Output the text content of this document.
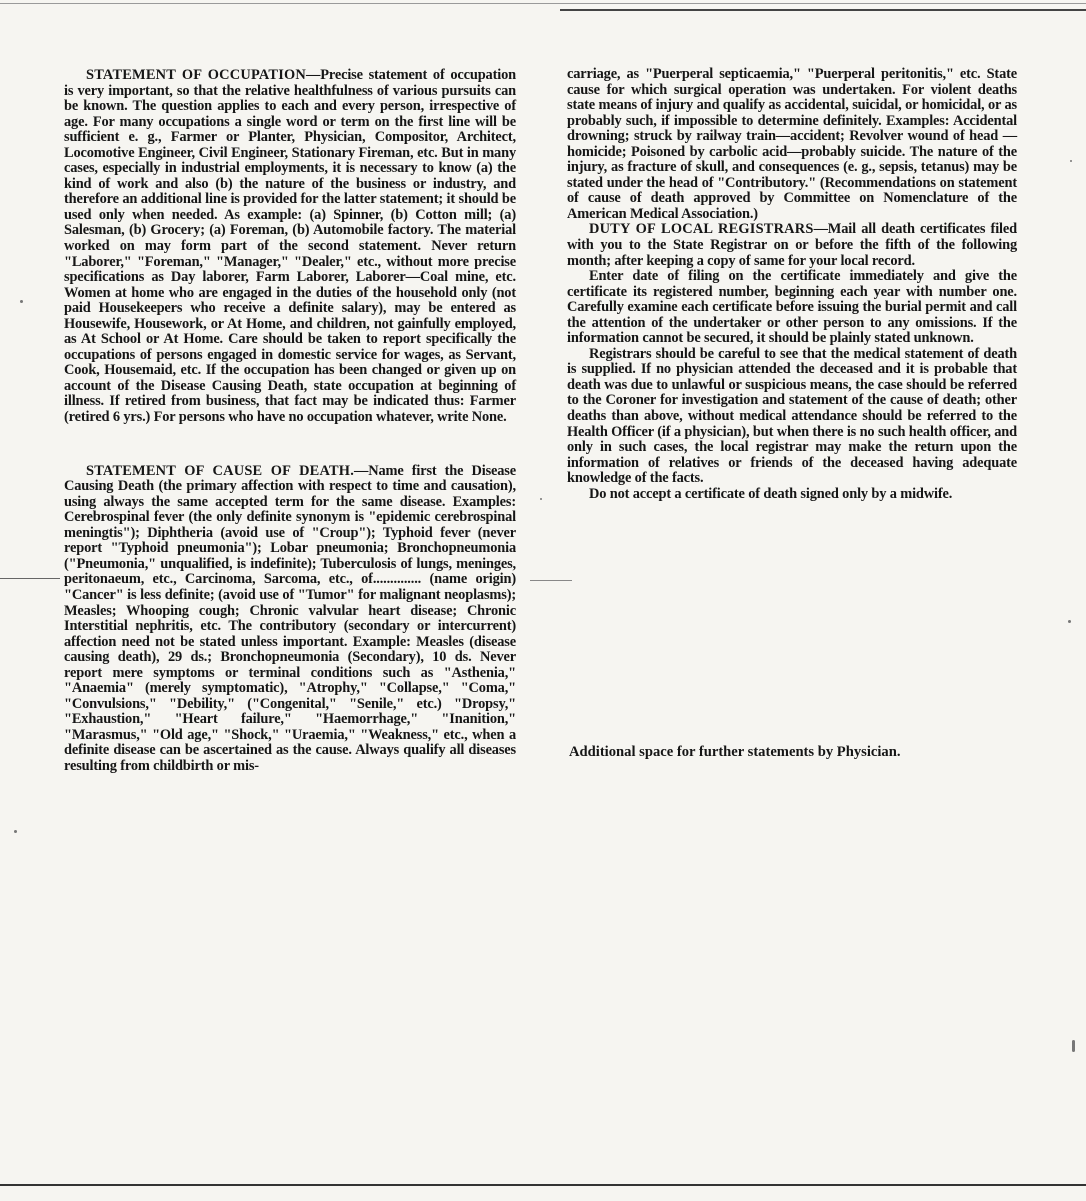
STATEMENT OF OCCUPATION—Precise statement of occupation is very important, so that the relative healthfulness of various pursuits can be known. The question applies to each and every person, irrespective of age. For many occupations a single word or term on the first line will be sufficient e. g., Farmer or Planter, Physician, Compositor, Architect, Locomotive Engineer, Civil Engineer, Stationary Fireman, etc. But in many cases, especially in industrial employments, it is necessary to know (a) the kind of work and also (b) the nature of the business or industry, and therefore an additional line is provided for the latter statement; it should be used only when needed. As example: (a) Spinner, (b) Cotton mill; (a) Salesman, (b) Grocery; (a) Foreman, (b) Automobile factory. The material worked on may form part of the second statement. Never return "Laborer," "Foreman," "Manager," "Dealer," etc., without more precise specifications as Day laborer, Farm Laborer, Laborer—Coal mine, etc. Women at home who are engaged in the duties of the household only (not paid Housekeepers who receive a definite salary), may be entered as Housewife, Housework, or At Home, and children, not gainfully employed, as At School or At Home. Care should be taken to report specifically the occupations of persons engaged in domestic service for wages, as Servant, Cook, Housemaid, etc. If the occupation has been changed or given up on account of the Disease Causing Death, state occupation at beginning of illness. If retired from business, that fact may be indicated thus: Farmer (retired 6 yrs.) For persons who have no occupation whatever, write None.

STATEMENT OF CAUSE OF DEATH.—Name first the Disease Causing Death (the primary affection with respect to time and causation), using always the same accepted term for the same disease. Examples: Cerebrospinal fever (the only definite synonym is "epidemic cerebrospinal meningtis"); Diphtheria (avoid use of "Croup"); Typhoid fever (never report "Typhoid pneumonia"); Lobar pneumonia; Bronchopneumonia ("Pneumonia," unqualified, is indefinite); Tuberculosis of lungs, meninges, peritonaeum, etc., Carcinoma, Sarcoma, etc., of.............. (name origin) "Cancer" is less definite; (avoid use of "Tumor" for malignant neoplasms); Measles; Whooping cough; Chronic valvular heart disease; Chronic Interstitial nephritis, etc. The contributory (secondary or intercurrent) affection need not be stated unless important. Example: Measles (disease causing death), 29 ds.; Bronchopneumonia (Secondary), 10 ds. Never report mere symptoms or terminal conditions such as "Asthenia," "Anaemia" (merely symptomatic), "Atrophy," "Collapse," "Coma," "Convulsions," "Debility," ("Congenital," "Senile," etc.) "Dropsy," "Exhaustion," "Heart failure," "Haemorrhage," "Inanition," "Marasmus," "Old age," "Shock," "Uraemia," "Weakness," etc., when a definite disease can be ascertained as the cause. Always qualify all diseases resulting from childbirth or mis-

carriage, as "Puerperal septicaemia," "Puerperal peritonitis," etc. State cause for which surgical operation was undertaken. For violent deaths state means of injury and qualify as accidental, suicidal, or homicidal, or as probably such, if impossible to determine definitely. Examples: Accidental drowning; struck by railway train—accident; Revolver wound of head —homicide; Poisoned by carbolic acid—probably suicide. The nature of the injury, as fracture of skull, and consequences (e. g., sepsis, tetanus) may be stated under the head of "Contributory." (Recommendations on statement of cause of death approved by Committee on Nomenclature of the American Medical Association.)

DUTY OF LOCAL REGISTRARS—Mail all death certificates filed with you to the State Registrar on or before the fifth of the following month; after keeping a copy of same for your local record.

Enter date of filing on the certificate immediately and give the certificate its registered number, beginning each year with number one. Carefully examine each certificate before issuing the burial permit and call the attention of the undertaker or other person to any omissions. If the information cannot be secured, it should be plainly stated unknown.

Registrars should be careful to see that the medical statement of death is supplied. If no physician attended the deceased and it is probable that death was due to unlawful or suspicious means, the case should be referred to the Coroner for investigation and statement of the cause of death; other deaths than above, without medical attendance should be referred to the Health Officer (if a physician), but when there is no such health officer, and only in such cases, the local registrar may make the return upon the information of relatives or friends of the deceased having adequate knowledge of the facts.

Do not accept a certificate of death signed only by a midwife.

Additional space for further statements by Physician.
